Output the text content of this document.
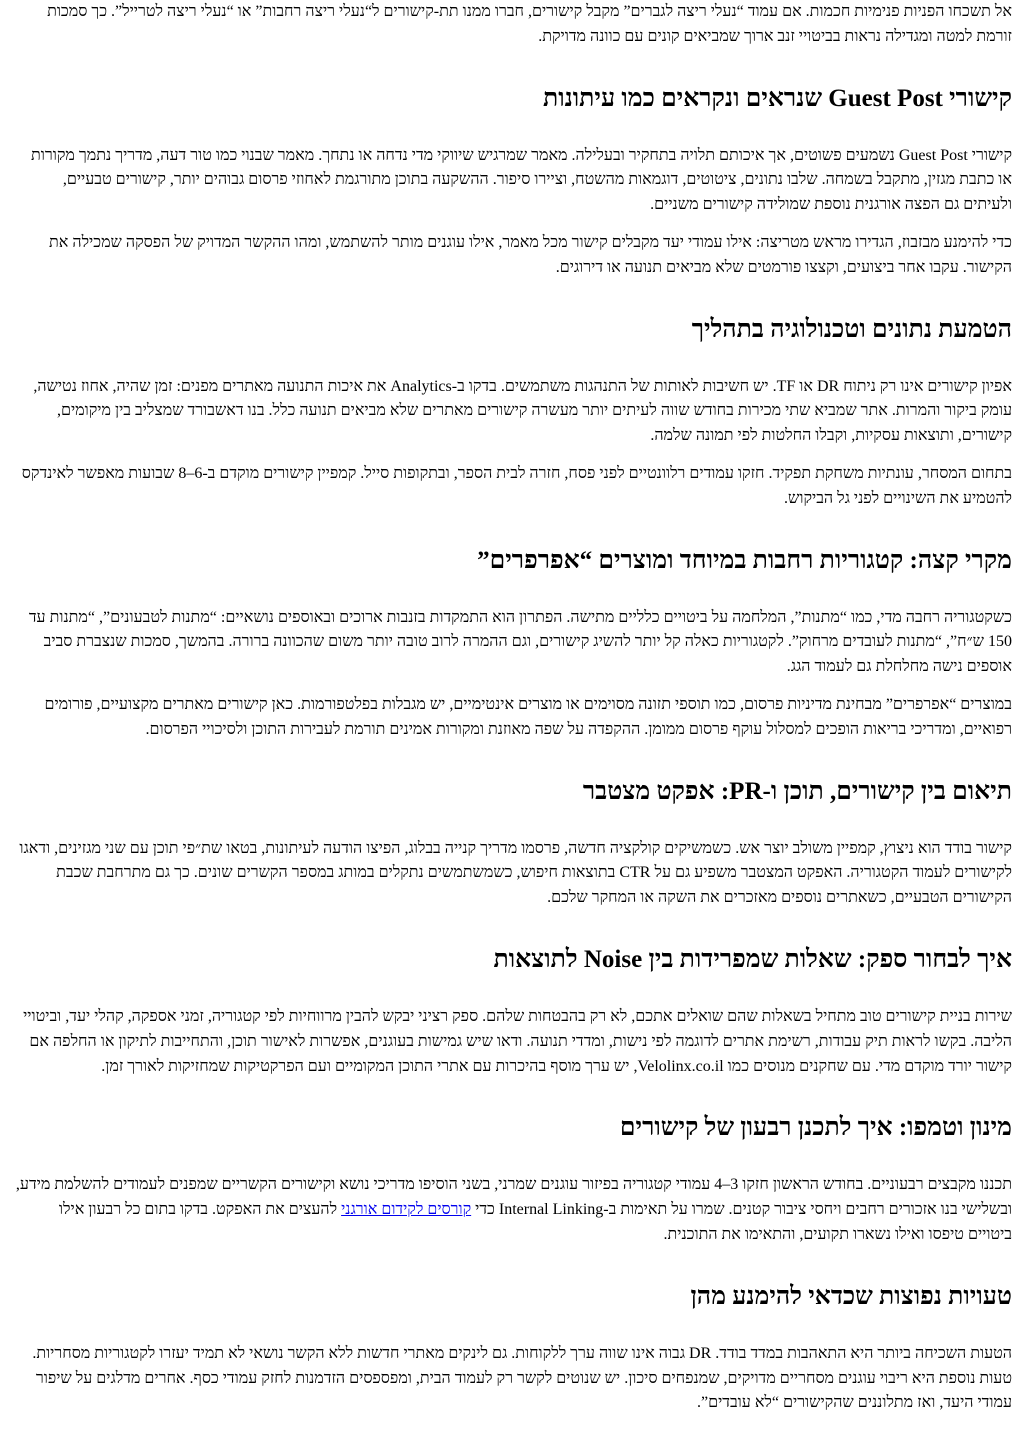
אל תשכחו הפניות פנימיות חכמות. אם עמוד “נעלי ריצה לגברים” מקבל קישורים, חברו ממנו תת-קישורים ל“נעלי ריצה רחבות” או “נעלי ריצה לטרייל”. כך סמכות זורמת למטה ומגדילה נראות בביטויי זנב ארוך שמביאים קונים עם כוונה מדויקת.

קישורי Guest Post שנראים ונקראים כמו עיתונות

קישורי Guest Post נשמעים פשוטים, אך איכותם תלויה בתחקיר ובעלילה. מאמר שמרגיש שיווקי מדי נדחה או נתחך. מאמר שבנוי כמו טור דעה, מדריך נתמך מקורות או כתבת מגזין, מתקבל בשמחה. שלבו נתונים, ציטוטים, דוגמאות מהשטח, וציירו סיפור. ההשקעה בתוכן מתורגמת לאחוזי פרסום גבוהים יותר, קישורים טבעיים, ולעיתים גם הפצה אורגנית נוספת שמולידה קישורים משניים.

כדי להימנע מבזבוז, הגדירו מראש מטריצה: אילו עמודי יעד מקבלים קישור מכל מאמר, אילו עוגנים מותר להשתמש, ומהו ההקשר המדויק של הפסקה שמכילה את הקישור. עקבו אחר ביצועים, וקצצו פורמטים שלא מביאים תנועה או דירוגים.

הטמעת נתונים וטכנולוגיה בתהליך

אפיון קישורים אינו רק ניתוח DR או TF. יש חשיבות לאותות של התנהגות משתמשים. בדקו ב-Analytics את איכות התנועה מאתרים מפנים: זמן שהיה, אחוז נטישה, עומק ביקור והמרות. אתר שמביא שתי מכירות בחודש שווה לעיתים יותר מעשרה קישורים מאתרים שלא מביאים תנועה כלל. בנו דאשבורד שמצליב בין מיקומים, קישורים, ותוצאות עסקיות, וקבלו החלטות לפי תמונה שלמה.

בתחום המסחר, עונתיות משחקת תפקיד. חזקו עמודים רלוונטיים לפני פסח, חזרה לבית הספר, ובתקופות סייל. קמפיין קישורים מוקדם ב-6–8 שבועות מאפשר לאינדקס להטמיע את השינויים לפני גל הביקוש.

מקרי קצה: קטגוריות רחבות במיוחד ומוצרים “אפרפרים”

כשקטגוריה רחבה מדי, כמו “מתנות”, המלחמה על ביטויים כלליים מתישה. הפתרון הוא התמקדות בזנבות ארוכים ובאוספים נושאיים: “מתנות לטבעונים”, “מתנות עד 150 ש״ח”, “מתנות לעובדים מרחוק”. לקטגוריות כאלה קל יותר להשיג קישורים, וגם ההמרה לרוב טובה יותר משום שהכוונה ברורה. בהמשך, סמכות שנצברת סביב אוספים נישה מחלחלת גם לעמוד הגג.

במוצרים “אפרפרים” מבחינת מדיניות פרסום, כמו תוספי תזונה מסוימים או מוצרים אינטימיים, יש מגבלות בפלטפורמות. כאן קישורים מאתרים מקצועיים, פורומים רפואיים, ומדריכי בריאות הופכים למסלול עוקף פרסום ממומן. ההקפדה על שפה מאוזנת ומקורות אמינים תורמת לעבירות התוכן ולסיכויי הפרסום.

תיאום בין קישורים, תוכן ו-PR: אפקט מצטבר

קישור בודד הוא ניצוץ, קמפיין משולב יוצר אש. כשמשיקים קולקציה חדשה, פרסמו מדריך קנייה בבלוג, הפיצו הודעה לעיתונות, בטאו שת״פי תוכן עם שני מגזינים, ודאגו לקישורים לעמוד הקטגוריה. האפקט המצטבר משפיע גם על CTR בתוצאות חיפוש, כשמשתמשים נתקלים במותג במספר הקשרים שונים. כך גם מתרחבת שכבת הקישורים הטבעיים, כשאתרים נוספים מאזכרים את השקה או המחקר שלכם.

איך לבחור ספק: שאלות שמפרידות בין Noise לתוצאות

שירות בניית קישורים טוב מתחיל בשאלות שהם שואלים אתכם, לא רק בהבטחות שלהם. ספק רציני יבקש להבין מרווחיות לפי קטגוריה, זמני אספקה, קהלי יעד, וביטויי הליבה. בקשו לראות תיק עבודות, רשימת אתרים לדוגמה לפי נישות, ומדדי תנועה. ודאו שיש גמישות בעוגנים, אפשרות לאישור תוכן, והתחייבות לתיקון או החלפה אם קישור יורד מוקדם מדי. עם שחקנים מנוסים כמו Velolinx.co.il, יש ערך מוסף בהיכרות עם אתרי התוכן המקומיים ועם הפרקטיקות שמחזיקות לאורך זמן.

מינון וטמפו: איך לתכנן רבעון של קישורים

תכננו מקבצים רבעוניים. בחודש הראשון חזקו 3–4 עמודי קטגוריה בפיזור עוגנים שמרני, בשני הוסיפו מדריכי נושא וקישורים הקשריים שמפנים לעמודים להשלמת מידע, ובשלישי בנו אזכורים רחבים ויחסי ציבור קטנים. שמרו על תאימות ב-Internal Linking כדי קורסים לקידום אורגני להעצים את האפקט. בדקו בתום כל רבעון אילו ביטויים טיפסו ואילו נשארו תקועים, והתאימו את התוכנית.

טעויות נפוצות שכדאי להימנע מהן

הטעות השכיחה ביותר היא התאהבות במדד בודד. DR גבוה אינו שווה ערך ללקוחות. גם לינקים מאתרי חדשות ללא הקשר נושאי לא תמיד יעזרו לקטגוריות מסחריות. טעות נוספת היא ריבוי עוגנים מסחריים מדויקים, שמנפחים סיכון. יש שנוטים לקשר רק לעמוד הבית, ומפספסים הזדמנות לחזק עמודי כסף. אחרים מדלגים על שיפור עמודי היעד, ואז מתלוננים שהקישורים “לא עובדים”.
